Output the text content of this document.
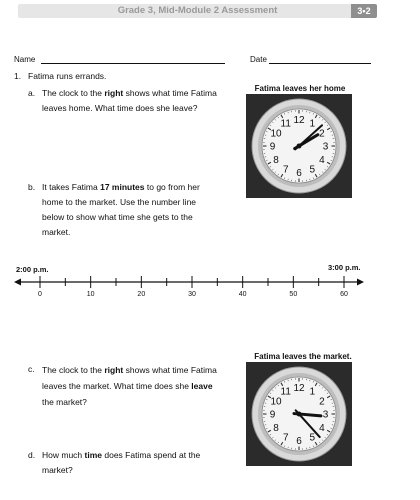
Grade 3, Mid-Module 2 Assessment	3•2
Name	Date
1. Fatima runs errands.
a. The clock to the right shows what time Fatima
leaves home. What time does she leave?
b. It takes Fatima 17 minutes to go from her
home to the market. Use the number line
below to show what time she gets to the
market.
Fatima leaves her home
12 1
2
3
4
5
6
7
8
9
10
11
2:00 p.m.	3:00 p.m.
0	10	20	30	40	50	60
c. The clock to the right shows what time Fatima
leaves the market. What time does she leave
the market?
Fatima leaves the market.
12 1
2
3
4
5
6
7
8
9
10
11
d. How much time does Fatima spend at the
market?
